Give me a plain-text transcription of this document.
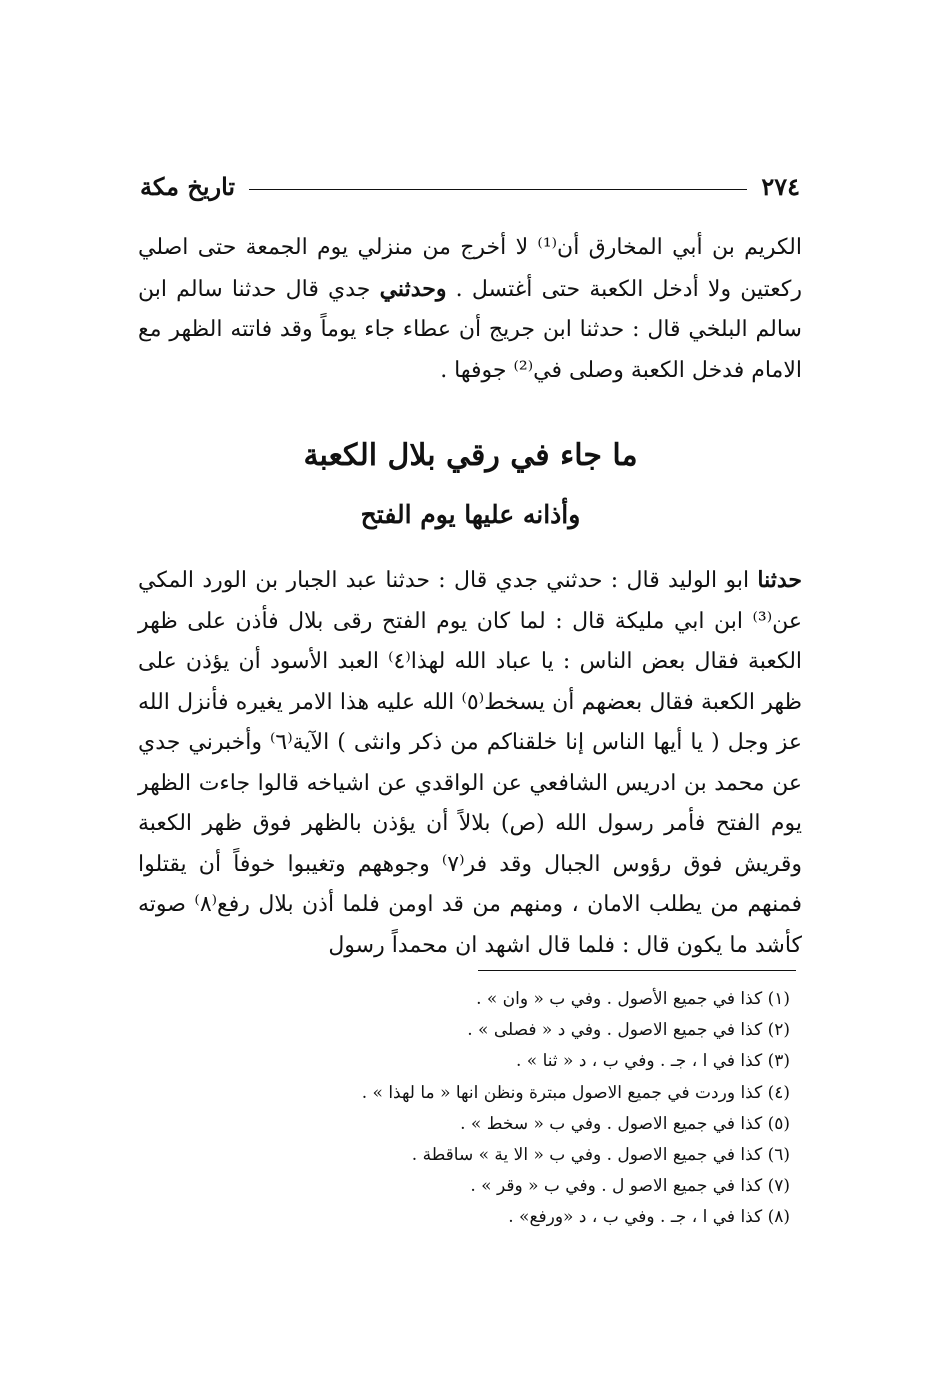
٢٧٤
تاريخ مكة

الكريم بن أبي المخارق أن⁽¹⁾ لا أخرج من منزلي يوم الجمعة حتى اصلي ركعتين ولا أدخل الكعبة حتى أغتسل . وحدثني جدي قال حدثنا سالم ابن سالم البلخي قال : حدثنا ابن جريج أن عطاء جاء يوماً وقد فاتته الظهر مع الامام فدخل الكعبة وصلى في⁽²⁾ جوفها .

ما جاء في رقي بلال الكعبة
وأذانه عليها يوم الفتح

حدثنا ابو الوليد قال : حدثني جدي قال : حدثنا عبد الجبار بن الورد المكي عن⁽³⁾ ابن ابي مليكة قال : لما كان يوم الفتح رقى بلال فأذن على ظهر الكعبة فقال بعض الناس : يا عباد الله لهذا⁽٤⁾ العبد الأسود أن يؤذن على ظهر الكعبة فقال بعضهم أن يسخط⁽٥⁾ الله عليه هذا الامر يغيره فأنزل الله عز وجل ( يا أيها الناس إنا خلقناكم من ذكر وانثى ) الآية⁽٦⁾ وأخبرني جدي عن محمد بن ادريس الشافعي عن الواقدي عن اشياخه قالوا جاءت الظهر يوم الفتح فأمر رسول الله (ص) بلالاً أن يؤذن بالظهر فوق ظهر الكعبة وقريش فوق رؤوس الجبال وقد فر⁽٧⁾ وجوههم وتغيبوا خوفاً أن يقتلوا فمنهم من يطلب الامان ، ومنهم من قد اومن فلما أذن بلال رفع⁽٨⁾ صوته كأشد ما يكون قال : فلما قال اشهد ان محمداً رسول

(١) كذا في جميع الأصول . وفي ب « وان » .
(٢) كذا في جميع الاصول . وفي د « فصلى » .
(٣) كذا في ا ، جـ . وفي ب ، د « ثنا » .
(٤) كذا وردت في جميع الاصول مبترة ونظن انها « ما لهذا » .
(٥) كذا في جميع الاصول . وفي ب « سخط » .
(٦) كذا في جميع الاصول . وفي ب « الا ية » ساقطة .
(٧) كذا في جميع الاصو ل . وفي ب « وقر » .
(٨) كذا في ا ، جـ . وفي ب ، د «ورفع» .
